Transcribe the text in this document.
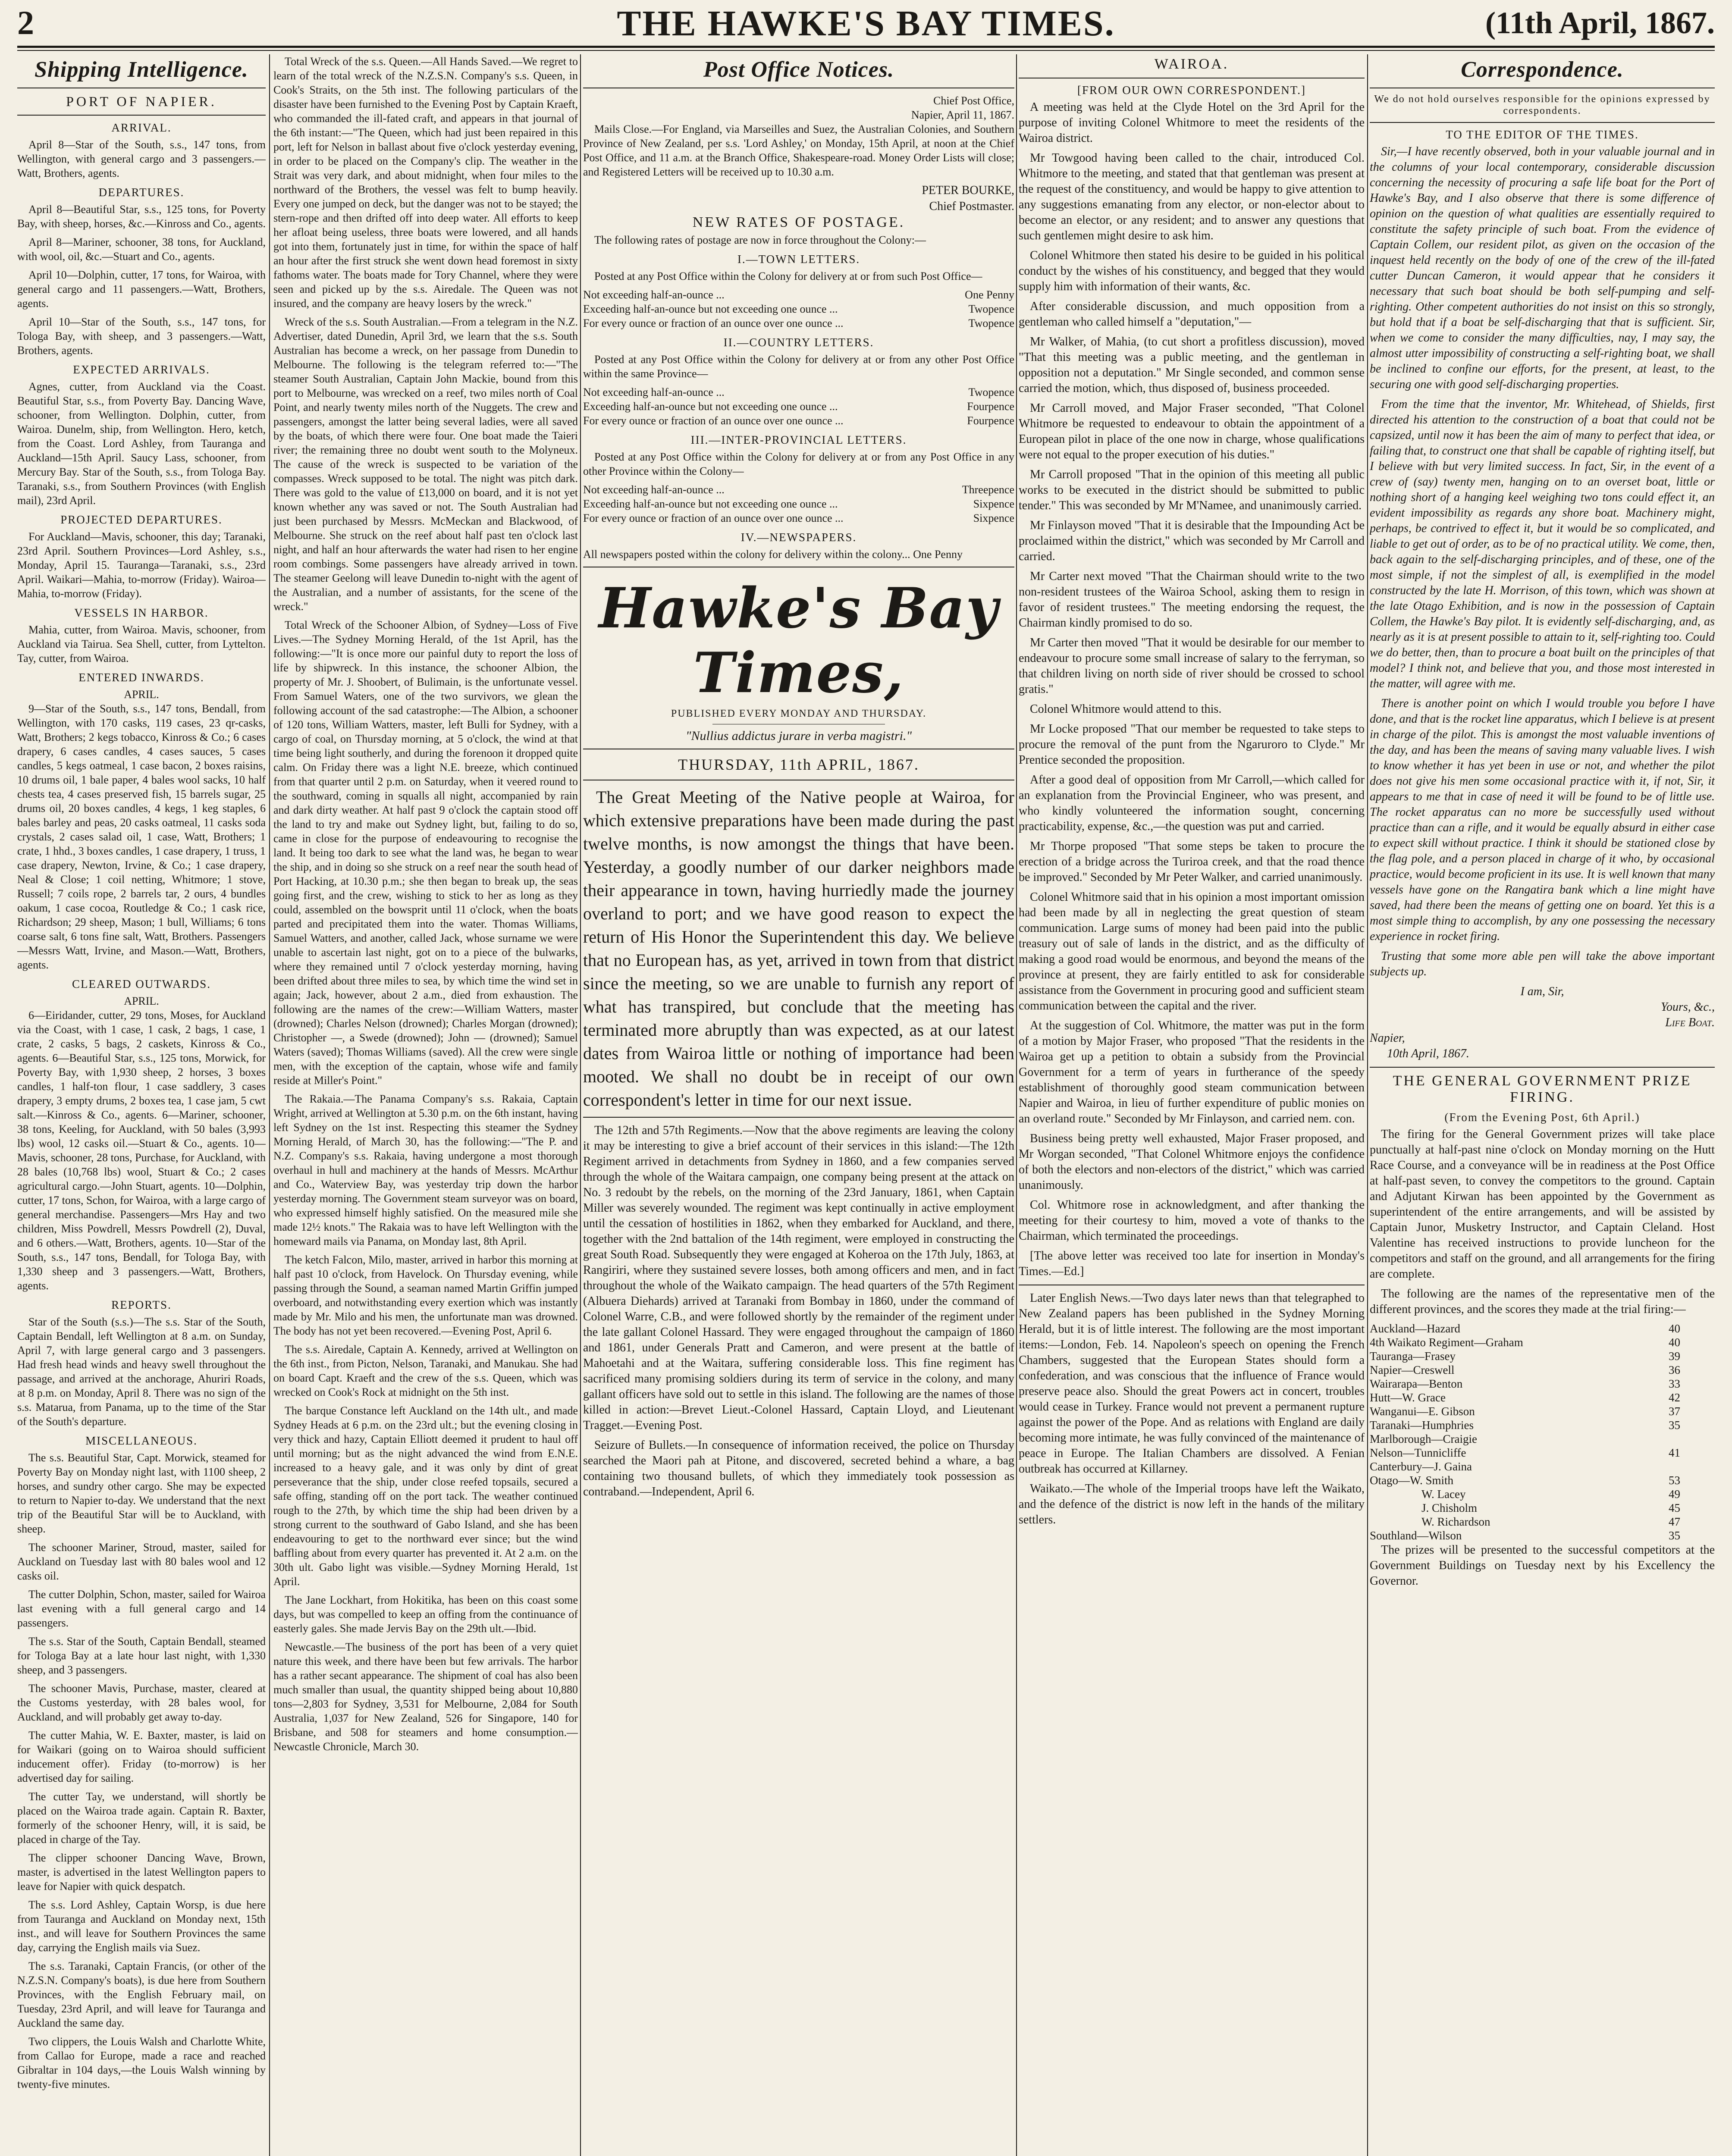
2	THE HAWKE'S BAY TIMES.	(11th April, 1867.
Shipping Intelligence.
PORT OF NAPIER.
ARRIVAL.

April 8—Star of the South, s.s., 147 tons, from Wellington, with general cargo and 3 passengers.—Watt, Brothers, agents.

DEPARTURES.

April 8—Beautiful Star, s.s., 125 tons, for Poverty Bay, with sheep, horses, &c.—Kinross and Co., agents.

April 8—Mariner, schooner, 38 tons, for Auckland, with wool, oil, &c.—Stuart and Co., agents.

April 10—Dolphin, cutter, 17 tons, for Wairoa, with general cargo and 11 passengers.—Watt, Brothers, agents.

April 10—Star of the South, s.s., 147 tons, for Tologa Bay, with sheep, and 3 passengers.—Watt, Brothers, agents.

EXPECTED ARRIVALS.

Agnes, cutter, from Auckland via the Coast. Beautiful Star, s.s., from Poverty Bay. Dancing Wave, schooner, from Wellington. Dolphin, cutter, from Wairoa. Dunelm, ship, from Wellington. Hero, ketch, from the Coast. Lord Ashley, from Tauranga and Auckland—15th April. Saucy Lass, schooner, from Mercury Bay. Star of the South, s.s., from Tologa Bay. Taranaki, s.s., from Southern Provinces (with English mail), 23rd April.

PROJECTED DEPARTURES.

For Auckland—Mavis, schooner, this day; Taranaki, 23rd April. Southern Provinces—Lord Ashley, s.s., Monday, April 15. Tauranga—Taranaki, s.s., 23rd April. Waikari—Mahia, to-morrow (Friday). Wairoa—Mahia, to-morrow (Friday).

VESSELS IN HARBOR.

Mahia, cutter, from Wairoa. Mavis, schooner, from Auckland via Tairua. Sea Shell, cutter, from Lyttelton. Tay, cutter, from Wairoa.

ENTERED INWARDS.
APRIL.

9—Star of the South, s.s., 147 tons, Bendall, from Wellington, with 170 casks, 119 cases, 23 qr-casks, Watt, Brothers; 2 kegs tobacco, Kinross & Co.; 6 cases drapery, 6 cases candles, 4 cases sauces, 5 cases candles, 5 kegs oatmeal, 1 case bacon, 2 boxes raisins, 10 drums oil, 1 bale paper, 4 bales wool sacks, 10 half chests tea, 4 cases preserved fish, 15 barrels sugar, 25 drums oil, 20 boxes candles, 4 kegs, 1 keg staples, 6 bales barley and peas, 20 casks oatmeal, 11 casks soda crystals, 2 cases salad oil, 1 case, Watt, Brothers; 1 crate, 1 hhd., 3 boxes candles, 1 case drapery, 1 truss, 1 case drapery, Newton, Irvine, & Co.; 1 case drapery, Neal & Close; 1 coil netting, Whitmore; 1 stove, Russell; 7 coils rope, 2 barrels tar, 2 ours, 4 bundles oakum, 1 case cocoa, Routledge & Co.; 1 cask rice, Richardson; 29 sheep, Mason; 1 bull, Williams; 6 tons coarse salt, 6 tons fine salt, Watt, Brothers. Passengers—Messrs Watt, Irvine, and Mason.—Watt, Brothers, agents.

CLEARED OUTWARDS.
APRIL.

6—Eiridander, cutter, 29 tons, Moses, for Auckland via the Coast, with 1 case, 1 cask, 2 bags, 1 case, 1 crate, 2 casks, 5 bags, 2 caskets, Kinross & Co., agents. 6—Beautiful Star, s.s., 125 tons, Morwick, for Poverty Bay, with 1,930 sheep, 2 horses, 3 boxes candles, 1 half-ton flour, 1 case saddlery, 3 cases drapery, 3 empty drums, 2 boxes tea, 1 case jam, 5 cwt salt.—Kinross & Co., agents. 6—Mariner, schooner, 38 tons, Keeling, for Auckland, with 50 bales (3,993 lbs) wool, 12 casks oil.—Stuart & Co., agents. 10—Mavis, schooner, 28 tons, Purchase, for Auckland, with 28 bales (10,768 lbs) wool, Stuart & Co.; 2 cases agricultural cargo.—John Stuart, agents. 10—Dolphin, cutter, 17 tons, Schon, for Wairoa, with a large cargo of general merchandise. Passengers—Mrs Hay and two children, Miss Powdrell, Messrs Powdrell (2), Duval, and 6 others.—Watt, Brothers, agents. 10—Star of the South, s.s., 147 tons, Bendall, for Tologa Bay, with 1,330 sheep and 3 passengers.—Watt, Brothers, agents.

REPORTS.

Star of the South (s.s.)—The s.s. Star of the South, Captain Bendall, left Wellington at 8 a.m. on Sunday, April 7, with large general cargo and 3 passengers. Had fresh head winds and heavy swell throughout the passage, and arrived at the anchorage, Ahuriri Roads, at 8 p.m. on Monday, April 8. There was no sign of the s.s. Matarua, from Panama, up to the time of the Star of the South's departure.

MISCELLANEOUS.

The s.s. Beautiful Star, Capt. Morwick, steamed for Poverty Bay on Monday night last, with 1100 sheep, 2 horses, and sundry other cargo. She may be expected to return to Napier to-day. We understand that the next trip of the Beautiful Star will be to Auckland, with sheep.

The schooner Mariner, Stroud, master, sailed for Auckland on Tuesday last with 80 bales wool and 12 casks oil.

The cutter Dolphin, Schon, master, sailed for Wairoa last evening with a full general cargo and 14 passengers.

The s.s. Star of the South, Captain Bendall, steamed for Tologa Bay at a late hour last night, with 1,330 sheep, and 3 passengers.

The schooner Mavis, Purchase, master, cleared at the Customs yesterday, with 28 bales wool, for Auckland, and will probably get away to-day.

The cutter Mahia, W. E. Baxter, master, is laid on for Waikari (going on to Wairoa should sufficient inducement offer). Friday (to-morrow) is her advertised day for sailing.

The cutter Tay, we understand, will shortly be placed on the Wairoa trade again. Captain R. Baxter, formerly of the schooner Henry, will, it is said, be placed in charge of the Tay.

The clipper schooner Dancing Wave, Brown, master, is advertised in the latest Wellington papers to leave for Napier with quick despatch.

The s.s. Lord Ashley, Captain Worsp, is due here from Tauranga and Auckland on Monday next, 15th inst., and will leave for Southern Provinces the same day, carrying the English mails via Suez.

The s.s. Taranaki, Captain Francis, (or other of the N.Z.S.N. Company's boats), is due here from Southern Provinces, with the English February mail, on Tuesday, 23rd April, and will leave for Tauranga and Auckland the same day.

Two clippers, the Louis Walsh and Charlotte White, from Callao for Europe, made a race and reached Gibraltar in 104 days,—the Louis Walsh winning by twenty-five minutes.

Total Wreck of the s.s. Queen.—All Hands Saved.—We regret to learn of the total wreck of the N.Z.S.N. Company's s.s. Queen, in Cook's Straits, on the 5th inst. The following particulars of the disaster have been furnished to the Evening Post by Captain Kraeft, who commanded the ill-fated craft, and appears in that journal of the 6th instant:—"The Queen, which had just been repaired in this port, left for Nelson in ballast about five o'clock yesterday evening, in order to be placed on the Company's clip. The weather in the Strait was very dark, and about midnight, when four miles to the northward of the Brothers, the vessel was felt to bump heavily. Every one jumped on deck, but the danger was not to be stayed; the stern-rope and then drifted off into deep water. All efforts to keep her afloat being useless, three boats were lowered, and all hands got into them, fortunately just in time, for within the space of half an hour after the first struck she went down head foremost in sixty fathoms water. The boats made for Tory Channel, where they were seen and picked up by the s.s. Airedale. The Queen was not insured, and the company are heavy losers by the wreck."

Wreck of the s.s. South Australian.—From a telegram in the N.Z. Advertiser, dated Dunedin, April 3rd, we learn that the s.s. South Australian has become a wreck, on her passage from Dunedin to Melbourne. The following is the telegram referred to:—"The steamer South Australian, Captain John Mackie, bound from this port to Melbourne, was wrecked on a reef, two miles north of Coal Point, and nearly twenty miles north of the Nuggets. The crew and passengers, amongst the latter being several ladies, were all saved by the boats, of which there were four. One boat made the Taieri river; the remaining three no doubt went south to the Molyneux. The cause of the wreck is suspected to be variation of the compasses. Wreck supposed to be total. The night was pitch dark. There was gold to the value of £13,000 on board, and it is not yet known whether any was saved or not. The South Australian had just been purchased by Messrs. McMeckan and Blackwood, of Melbourne. She struck on the reef about half past ten o'clock last night, and half an hour afterwards the water had risen to her engine room combings. Some passengers have already arrived in town. The steamer Geelong will leave Dunedin to-night with the agent of the Australian, and a number of assistants, for the scene of the wreck."

Total Wreck of the Schooner Albion, of Sydney—Loss of Five Lives.—The Sydney Morning Herald, of the 1st April, has the following:—"It is once more our painful duty to report the loss of life by shipwreck. In this instance, the schooner Albion, the property of Mr. J. Shoobert, of Bulimain, is the unfortunate vessel. From Samuel Waters, one of the two survivors, we glean the following account of the sad catastrophe:—The Albion, a schooner of 120 tons, William Watters, master, left Bulli for Sydney, with a cargo of coal, on Thursday morning, at 5 o'clock, the wind at that time being light southerly, and during the forenoon it dropped quite calm. On Friday there was a light N.E. breeze, which continued from that quarter until 2 p.m. on Saturday, when it veered round to the southward, coming in squalls all night, accompanied by rain and dark dirty weather. At half past 9 o'clock the captain stood off the land to try and make out Sydney light, but, failing to do so, came in close for the purpose of endeavouring to recognise the land. It being too dark to see what the land was, he began to wear the ship, and in doing so she struck on a reef near the south head of Port Hacking, at 10.30 p.m.; she then began to break up, the seas going first, and the crew, wishing to stick to her as long as they could, assembled on the bowsprit until 11 o'clock, when the boats parted and precipitated them into the water. Thomas Williams, Samuel Watters, and another, called Jack, whose surname we were unable to ascertain last night, got on to a piece of the bulwarks, where they remained until 7 o'clock yesterday morning, having been drifted about three miles to sea, by which time the wind set in again; Jack, however, about 2 a.m., died from exhaustion. The following are the names of the crew:—William Watters, master (drowned); Charles Nelson (drowned); Charles Morgan (drowned); Christopher —, a Swede (drowned); John — (drowned); Samuel Waters (saved); Thomas Williams (saved). All the crew were single men, with the exception of the captain, whose wife and family reside at Miller's Point."

The Rakaia.—The Panama Company's s.s. Rakaia, Captain Wright, arrived at Wellington at 5.30 p.m. on the 6th instant, having left Sydney on the 1st inst. Respecting this steamer the Sydney Morning Herald, of March 30, has the following:—"The P. and N.Z. Company's s.s. Rakaia, having undergone a most thorough overhaul in hull and machinery at the hands of Messrs. McArthur and Co., Waterview Bay, was yesterday trip down the harbor yesterday morning. The Government steam surveyor was on board, who expressed himself highly satisfied. On the measured mile she made 12½ knots." The Rakaia was to have left Wellington with the homeward mails via Panama, on Monday last, 8th April.

The ketch Falcon, Milo, master, arrived in harbor this morning at half past 10 o'clock, from Havelock. On Thursday evening, while passing through the Sound, a seaman named Martin Griffin jumped overboard, and notwithstanding every exertion which was instantly made by Mr. Milo and his men, the unfortunate man was drowned. The body has not yet been recovered.—Evening Post, April 6.

The s.s. Airedale, Captain A. Kennedy, arrived at Wellington on the 6th inst., from Picton, Nelson, Taranaki, and Manukau. She had on board Capt. Kraeft and the crew of the s.s. Queen, which was wrecked on Cook's Rock at midnight on the 5th inst.

The barque Constance left Auckland on the 14th ult., and made Sydney Heads at 6 p.m. on the 23rd ult.; but the evening closing in very thick and hazy, Captain Elliott deemed it prudent to haul off until morning; but as the night advanced the wind from E.N.E. increased to a heavy gale, and it was only by dint of great perseverance that the ship, under close reefed topsails, secured a safe offing, standing off on the port tack. The weather continued rough to the 27th, by which time the ship had been driven by a strong current to the southward of Gabo Island, and she has been endeavouring to get to the northward ever since; but the wind baffling about from every quarter has prevented it. At 2 a.m. on the 30th ult. Gabo light was visible.—Sydney Morning Herald, 1st April.

The Jane Lockhart, from Hokitika, has been on this coast some days, but was compelled to keep an offing from the continuance of easterly gales. She made Jervis Bay on the 29th ult.—Ibid.

Newcastle.—The business of the port has been of a very quiet nature this week, and there have been but few arrivals. The harbor has a rather secant appearance. The shipment of coal has also been much smaller than usual, the quantity shipped being about 10,880 tons—2,803 for Sydney, 3,531 for Melbourne, 2,084 for South Australia, 1,037 for New Zealand, 526 for Singapore, 140 for Brisbane, and 508 for steamers and home consumption.—Newcastle Chronicle, March 30.

Post Office Notices.
Chief Post Office,
Napier, April 11, 1867.

Mails Close.—For England, via Marseilles and Suez, the Australian Colonies, and Southern Province of New Zealand, per s.s. 'Lord Ashley,' on Monday, 15th April, at noon at the Chief Post Office, and 11 a.m. at the Branch Office, Shakespeare-road. Money Order Lists will close; and Registered Letters will be received up to 10.30 a.m.

PETER BOURKE,
Chief Postmaster.
NEW RATES OF POSTAGE.

The following rates of postage are now in force throughout the Colony:—

I.—TOWN LETTERS.

Posted at any Post Office within the Colony for delivery at or from such Post Office—

Not exceeding half-an-ounce ...	One Penny
Exceeding half-an-ounce but not exceeding one ounce ...	Twopence
For every ounce or fraction of an ounce over one ounce ...	Twopence
II.—COUNTRY LETTERS.

Posted at any Post Office within the Colony for delivery at or from any other Post Office within the same Province—

Not exceeding half-an-ounce ...	Twopence
Exceeding half-an-ounce but not exceeding one ounce ...	Fourpence
For every ounce or fraction of an ounce over one ounce ...	Fourpence
III.—INTER-PROVINCIAL LETTERS.

Posted at any Post Office within the Colony for delivery at or from any Post Office in any other Province within the Colony—

Not exceeding half-an-ounce ...	Threepence
Exceeding half-an-ounce but not exceeding one ounce ...	Sixpence
For every ounce or fraction of an ounce over one ounce ...	Sixpence
IV.—NEWSPAPERS.

All newspapers posted within the colony for delivery within the colony... One Penny

Hawke's Bay Times,
PUBLISHED EVERY MONDAY AND THURSDAY.
"Nullius addictus jurare in verba magistri."
THURSDAY, 11th APRIL, 1867.

The Great Meeting of the Native people at Wairoa, for which extensive preparations have been made during the past twelve months, is now amongst the things that have been. Yesterday, a goodly number of our darker neighbors made their appearance in town, having hurriedly made the journey overland to port; and we have good reason to expect the return of His Honor the Superintendent this day. We believe that no European has, as yet, arrived in town from that district since the meeting, so we are unable to furnish any report of what has transpired, but conclude that the meeting has terminated more abruptly than was expected, as at our latest dates from Wairoa little or nothing of importance had been mooted. We shall no doubt be in receipt of our own correspondent's letter in time for our next issue.

The 12th and 57th Regiments.—Now that the above regiments are leaving the colony it may be interesting to give a brief account of their services in this island:—The 12th Regiment arrived in detachments from Sydney in 1860, and a few companies served through the whole of the Waitara campaign, one company being present at the attack on No. 3 redoubt by the rebels, on the morning of the 23rd January, 1861, when Captain Miller was severely wounded. The regiment was kept continually in active employment until the cessation of hostilities in 1862, when they embarked for Auckland, and there, together with the 2nd battalion of the 14th regiment, were employed in constructing the great South Road. Subsequently they were engaged at Koheroa on the 17th July, 1863, at Rangiriri, where they sustained severe losses, both among officers and men, and in fact throughout the whole of the Waikato campaign. The head quarters of the 57th Regiment (Albuera Diehards) arrived at Taranaki from Bombay in 1860, under the command of Colonel Warre, C.B., and were followed shortly by the remainder of the regiment under the late gallant Colonel Hassard. They were engaged throughout the campaign of 1860 and 1861, under Generals Pratt and Cameron, and were present at the battle of Mahoetahi and at the Waitara, suffering considerable loss. This fine regiment has sacrificed many promising soldiers during its term of service in the colony, and many gallant officers have sold out to settle in this island. The following are the names of those killed in action:—Brevet Lieut.-Colonel Hassard, Captain Lloyd, and Lieutenant Tragget.—Evening Post.

Seizure of Bullets.—In consequence of information received, the police on Thursday searched the Maori pah at Pitone, and discovered, secreted behind a whare, a bag containing two thousand bullets, of which they immediately took possession as contraband.—Independent, April 6.

WAIROA.
[FROM OUR OWN CORRESPONDENT.]

A meeting was held at the Clyde Hotel on the 3rd April for the purpose of inviting Colonel Whitmore to meet the residents of the Wairoa district.

Mr Towgood having been called to the chair, introduced Col. Whitmore to the meeting, and stated that that gentleman was present at the request of the constituency, and would be happy to give attention to any suggestions emanating from any elector, or non-elector about to become an elector, or any resident; and to answer any questions that such gentlemen might desire to ask him.

Colonel Whitmore then stated his desire to be guided in his political conduct by the wishes of his constituency, and begged that they would supply him with information of their wants, &c.

After considerable discussion, and much opposition from a gentleman who called himself a "deputation,"—

Mr Walker, of Mahia, (to cut short a profitless discussion), moved "That this meeting was a public meeting, and the gentleman in opposition not a deputation." Mr Single seconded, and common sense carried the motion, which, thus disposed of, business proceeded.

Mr Carroll moved, and Major Fraser seconded, "That Colonel Whitmore be requested to endeavour to obtain the appointment of a European pilot in place of the one now in charge, whose qualifications were not equal to the proper execution of his duties."

Mr Carroll proposed "That in the opinion of this meeting all public works to be executed in the district should be submitted to public tender." This was seconded by Mr M'Namee, and unanimously carried.

Mr Finlayson moved "That it is desirable that the Impounding Act be proclaimed within the district," which was seconded by Mr Carroll and carried.

Mr Carter next moved "That the Chairman should write to the two non-resident trustees of the Wairoa School, asking them to resign in favor of resident trustees." The meeting endorsing the request, the Chairman kindly promised to do so.

Mr Carter then moved "That it would be desirable for our member to endeavour to procure some small increase of salary to the ferryman, so that children living on north side of river should be crossed to school gratis."

Colonel Whitmore would attend to this.

Mr Locke proposed "That our member be requested to take steps to procure the removal of the punt from the Ngaruroro to Clyde." Mr Prentice seconded the proposition.

After a good deal of opposition from Mr Carroll,—which called for an explanation from the Provincial Engineer, who was present, and who kindly volunteered the information sought, concerning practicability, expense, &c.,—the question was put and carried.

Mr Thorpe proposed "That some steps be taken to procure the erection of a bridge across the Turiroa creek, and that the road thence be improved." Seconded by Mr Peter Walker, and carried unanimously.

Colonel Whitmore said that in his opinion a most important omission had been made by all in neglecting the great question of steam communication. Large sums of money had been paid into the public treasury out of sale of lands in the district, and as the difficulty of making a good road would be enormous, and beyond the means of the province at present, they are fairly entitled to ask for considerable assistance from the Government in procuring good and sufficient steam communication between the capital and the river.

At the suggestion of Col. Whitmore, the matter was put in the form of a motion by Major Fraser, who proposed "That the residents in the Wairoa get up a petition to obtain a subsidy from the Provincial Government for a term of years in furtherance of the speedy establishment of thoroughly good steam communication between Napier and Wairoa, in lieu of further expenditure of public monies on an overland route." Seconded by Mr Finlayson, and carried nem. con.

Business being pretty well exhausted, Major Fraser proposed, and Mr Worgan seconded, "That Colonel Whitmore enjoys the confidence of both the electors and non-electors of the district," which was carried unanimously.

Col. Whitmore rose in acknowledgment, and after thanking the meeting for their courtesy to him, moved a vote of thanks to the Chairman, which terminated the proceedings.

[The above letter was received too late for insertion in Monday's Times.—Ed.]

Later English News.—Two days later news than that telegraphed to New Zealand papers has been published in the Sydney Morning Herald, but it is of little interest. The following are the most important items:—London, Feb. 14. Napoleon's speech on opening the French Chambers, suggested that the European States should form a confederation, and was conscious that the influence of France would preserve peace also. Should the great Powers act in concert, troubles would cease in Turkey. France would not prevent a permanent rupture against the power of the Pope. And as relations with England are daily becoming more intimate, he was fully convinced of the maintenance of peace in Europe. The Italian Chambers are dissolved. A Fenian outbreak has occurred at Killarney.

Waikato.—The whole of the Imperial troops have left the Waikato, and the defence of the district is now left in the hands of the military settlers.

Correspondence.
We do not hold ourselves responsible for the opinions expressed by correspondents.
TO THE EDITOR OF THE TIMES.

Sir,—I have recently observed, both in your valuable journal and in the columns of your local contemporary, considerable discussion concerning the necessity of procuring a safe life boat for the Port of Hawke's Bay, and I also observe that there is some difference of opinion on the question of what qualities are essentially required to constitute the safety principle of such boat. From the evidence of Captain Collem, our resident pilot, as given on the occasion of the inquest held recently on the body of one of the crew of the ill-fated cutter Duncan Cameron, it would appear that he considers it necessary that such boat should be both self-pumping and self-righting. Other competent authorities do not insist on this so strongly, but hold that if a boat be self-discharging that that is sufficient. Sir, when we come to consider the many difficulties, nay, I may say, the almost utter impossibility of constructing a self-righting boat, we shall be inclined to confine our efforts, for the present, at least, to the securing one with good self-discharging properties.

From the time that the inventor, Mr. Whitehead, of Shields, first directed his attention to the construction of a boat that could not be capsized, until now it has been the aim of many to perfect that idea, or failing that, to construct one that shall be capable of righting itself, but I believe with but very limited success. In fact, Sir, in the event of a crew of (say) twenty men, hanging on to an overset boat, little or nothing short of a hanging keel weighing two tons could effect it, an evident impossibility as regards any shore boat. Machinery might, perhaps, be contrived to effect it, but it would be so complicated, and liable to get out of order, as to be of no practical utility. We come, then, back again to the self-discharging principles, and of these, one of the most simple, if not the simplest of all, is exemplified in the model constructed by the late H. Morrison, of this town, which was shown at the late Otago Exhibition, and is now in the possession of Captain Collem, the Hawke's Bay pilot. It is evidently self-discharging, and, as nearly as it is at present possible to attain to it, self-righting too. Could we do better, then, than to procure a boat built on the principles of that model? I think not, and believe that you, and those most interested in the matter, will agree with me.

There is another point on which I would trouble you before I have done, and that is the rocket line apparatus, which I believe is at present in charge of the pilot. This is amongst the most valuable inventions of the day, and has been the means of saving many valuable lives. I wish to know whether it has yet been in use or not, and whether the pilot does not give his men some occasional practice with it, if not, Sir, it appears to me that in case of need it will be found to be of little use. The rocket apparatus can no more be successfully used without practice than can a rifle, and it would be equally absurd in either case to expect skill without practice. I think it should be stationed close by the flag pole, and a person placed in charge of it who, by occasional practice, would become proficient in its use. It is well known that many vessels have gone on the Rangatira bank which a line might have saved, had there been the means of getting one on board. Yet this is a most simple thing to accomplish, by any one possessing the necessary experience in rocket firing.

Trusting that some more able pen will take the above important subjects up.

I am, Sir,
Yours, &c.,
Life Boat.
Napier,
10th April, 1867.
THE GENERAL GOVERNMENT PRIZE FIRING.
(From the Evening Post, 6th April.)

The firing for the General Government prizes will take place punctually at half-past nine o'clock on Monday morning on the Hutt Race Course, and a conveyance will be in readiness at the Post Office at half-past seven, to convey the competitors to the ground. Captain and Adjutant Kirwan has been appointed by the Government as superintendent of the entire arrangements, and will be assisted by Captain Junor, Musketry Instructor, and Captain Cleland. Host Valentine has received instructions to provide luncheon for the competitors and staff on the ground, and all arrangements for the firing are complete.

The following are the names of the representative men of the different provinces, and the scores they made at the trial firing:—

Auckland—Hazard	40
4th Waikato Regiment—Graham	40
Tauranga—Frasey	39
Napier—Creswell	36
Wairarapa—Benton	33
Hutt—W. Grace	42
Wanganui—E. Gibson	37
Taranaki—Humphries	35
Marlborough—Craigie
Nelson—Tunnicliffe	41
Canterbury—J. Gaina
Otago—W. Smith	53
W. Lacey	49
J. Chisholm	45
W. Richardson	47
Southland—Wilson	35

The prizes will be presented to the successful competitors at the Government Buildings on Tuesday next by his Excellency the Governor.
